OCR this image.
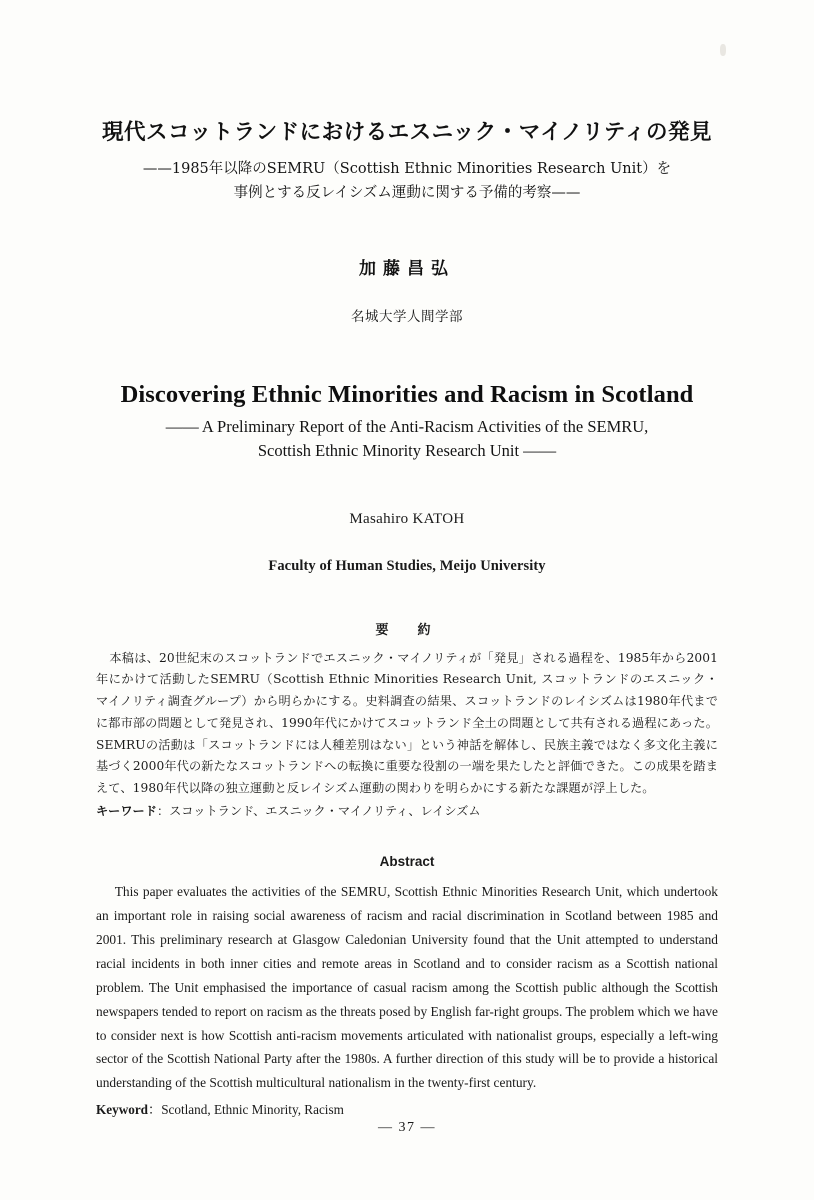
現代スコットランドにおけるエスニック・マイノリティの発見
——1985年以降のSEMRU（Scottish Ethnic Minorities Research Unit）を
事例とする反レイシズム運動に関する予備的考察——
加藤昌弘
名城大学人間学部
Discovering Ethnic Minorities and Racism in Scotland
—— A Preliminary Report of the Anti-Racism Activities of the SEMRU,
Scottish Ethnic Minority Research Unit ——
Masahiro KATOH
Faculty of Human Studies, Meijo University
要　約
本稿は、20世紀末のスコットランドでエスニック・マイノリティが「発見」される過程を、1985年から2001年にかけて活動したSEMRU（Scottish Ethnic Minorities Research Unit, スコットランドのエスニック・マイノリティ調査グループ）から明らかにする。史料調査の結果、スコットランドのレイシズムは1980年代までに都市部の問題として発見され、1990年代にかけてスコットランド全土の問題として共有される過程にあった。SEMRUの活動は「スコットランドには人種差別はない」という神話を解体し、民族主義ではなく多文化主義に基づく2000年代の新たなスコットランドへの転換に重要な役割の一端を果たしたと評価できた。この成果を踏まえて、1980年代以降の独立運動と反レイシズム運動の関わりを明らかにする新たな課題が浮上した。
キーワード：スコットランド、エスニック・マイノリティ、レイシズム
Abstract

This paper evaluates the activities of the SEMRU, Scottish Ethnic Minorities Research Unit, which undertook an important role in raising social awareness of racism and racial discrimination in Scotland between 1985 and 2001. This preliminary research at Glasgow Caledonian University found that the Unit attempted to understand racial incidents in both inner cities and remote areas in Scotland and to consider racism as a Scottish national problem. The Unit emphasised the importance of casual racism among the Scottish public although the Scottish newspapers tended to report on racism as the threats posed by English far-right groups. The problem which we have to consider next is how Scottish anti-racism movements articulated with nationalist groups, especially a left-wing sector of the Scottish National Party after the 1980s. A further direction of this study will be to provide a historical understanding of the Scottish multicultural nationalism in the twenty-first century.

Keyword：Scotland, Ethnic Minority, Racism
— 37 —
